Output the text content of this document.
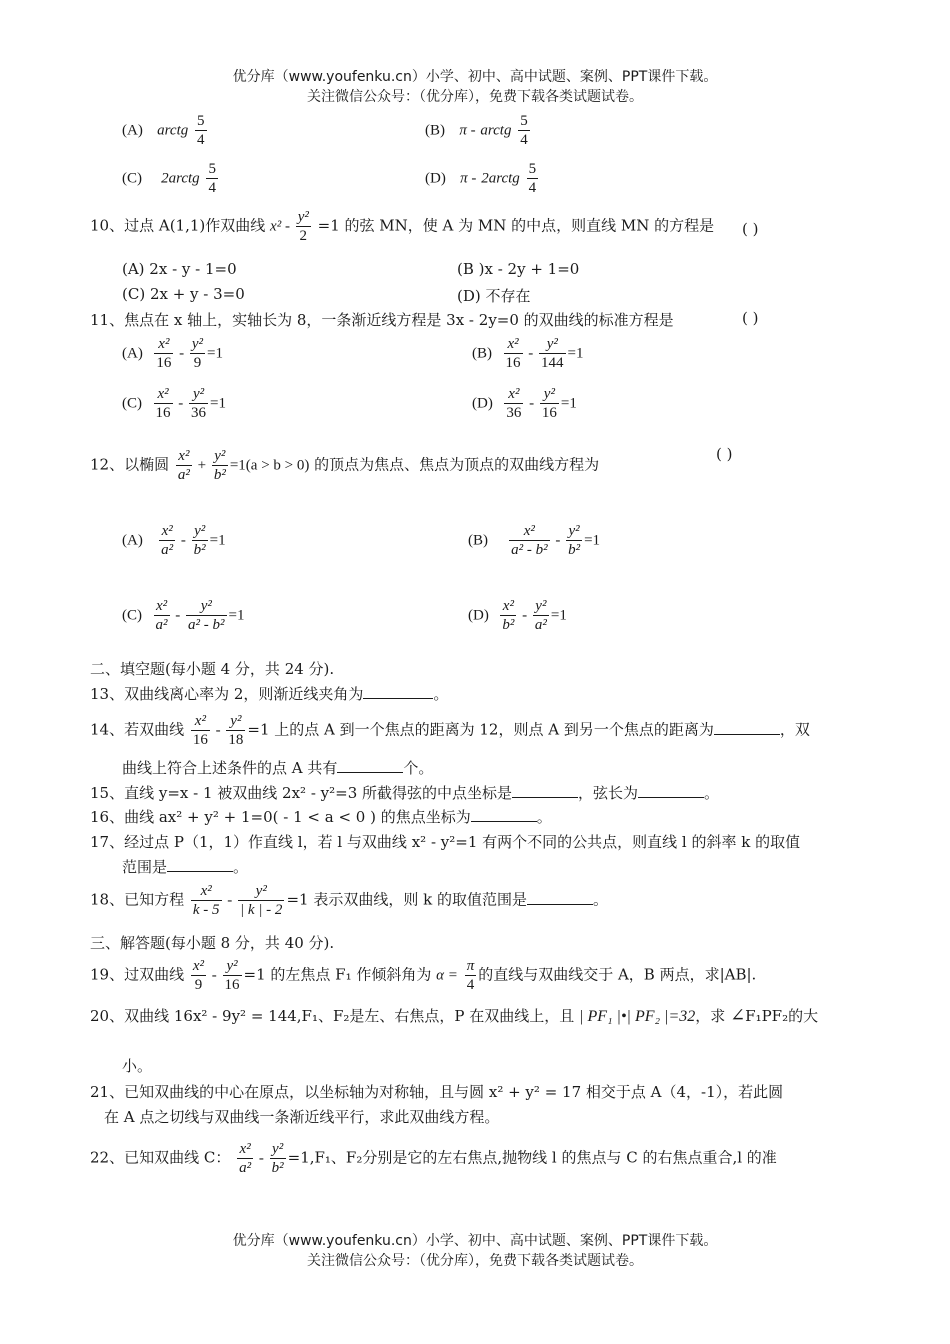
优分库（www.youfenku.cn）小学、初中、高中试题、案例、PPT课件下载。
关注微信公众号：（优分库），免费下载各类试题试卷。
(A) arctg $\frac{5}{4}$	(B) π - arctg $\frac{5}{4}$
(C) 2arctg $\frac{5}{4}$	(D) π - 2arctg $\frac{5}{4}$
10、过点 A(1,1)作双曲线 $x^2 - \frac{\text{y²}}{2} =1$ 的弦 MN，使 A 为 MN 的中点，则直线 MN 的方程是 ( )
(A) 2x - y - 1=0	(B )x - 2y + 1=0
(C) 2x + y - 3=0	(D) 不存在
11、焦点在 x 轴上，实轴长为 8，一条渐近线方程是 3x - 2y=0 的双曲线的标准方程是	( )
$(A) \frac{\text{x²}}{16} - \frac{\text{y²}}{9} =1$	$(B) \frac{\text{x²}}{16} - \frac{\text{y²}}{144} =1$
$(C) \frac{\text{x²}}{16} - \frac{\text{y²}}{36} =1$	$(D) \frac{\text{x²}}{36} - \frac{\text{y²}}{16} =1$
12、以椭圆 $\frac{\text{x²}}{\text{a²}} + \frac{\text{y²}}{\text{b²}} =1(a > b > 0)$ 的顶点为焦点、焦点为顶点的双曲线方程为
( )
$(A) \frac{\text{x²}}{\text{a²}} - \frac{\text{y²}}{\text{b²}} =1$	$(B) \frac{\text{x²}}{\text{a² - b²}} - \frac{\text{y²}}{\text{b²}} =1$
$(C) \frac{\text{x²}}{\text{a²}} - \frac{\text{y²}}{\text{a² - b²}} =1$	$(D) \frac{\text{x²}}{\text{b²}} - \frac{\text{y²}}{\text{a²}} =1$
二、填空题(每小题 4 分，共 24 分).
13、双曲线离心率为 2，则渐近线夹角为	。
14、若双曲线 $\frac{\text{x²}}{16} - \frac{\text{y²}}{18} =1$ 上的点 A 到一个焦点的距离为 12，则点 A 到另一个焦点的距离为	，双
曲线上符合上述条件的点 A 共有	个。
15、直线 y=x - 1 被双曲线 2x² - y²=3 所截得弦的中点坐标是	，弦长为	。
16、曲线 ax² + y² + 1=0( - 1 < a < 0 ) 的焦点坐标为	。
17、经过点 P（1，1）作直线 l，若 l 与双曲线 x² - y²=1 有两个不同的公共点，则直线 l 的斜率 k 的取值
范围是	。
18、已知方程 $\frac{\text{x²}}{k - 5} - \frac{\text{y²}}{| k | - 2} =1$ 表示双曲线，则 k 的取值范围是	。
三、解答题(每小题 8 分，共 40 分).
19、过双曲线 $\frac{\text{x²}}{9} - \frac{\text{y²}}{16} =1$ 的左焦点 F₁ 作倾斜角为 $\alpha = \frac{\pi}{4}$ 的直线与双曲线交于 A，B 两点，求|AB|.
20、双曲线 16x² - 9y² = 144,F₁、F₂是左、右焦点，P 在双曲线上，且 | PF₁ |•| PF₂ |=32，求 ∠F₁PF₂的大
小。
21、已知双曲线的中心在原点，以坐标轴为对称轴，且与圆 x² + y² = 17 相交于点 A（4，-1），若此圆
在 A 点之切线与双曲线一条渐近线平行，求此双曲线方程。
22、已知双曲线 C： $\frac{\text{x²}}{\text{a²}} - \frac{\text{y²}}{\text{b²}} =1,F_1$、F₂分别是它的左右焦点,抛物线 l 的焦点与 C 的右焦点重合,l 的准
优分库（www.youfenku.cn）小学、初中、高中试题、案例、PPT课件下载。
关注微信公众号：（优分库），免费下载各类试题试卷。
